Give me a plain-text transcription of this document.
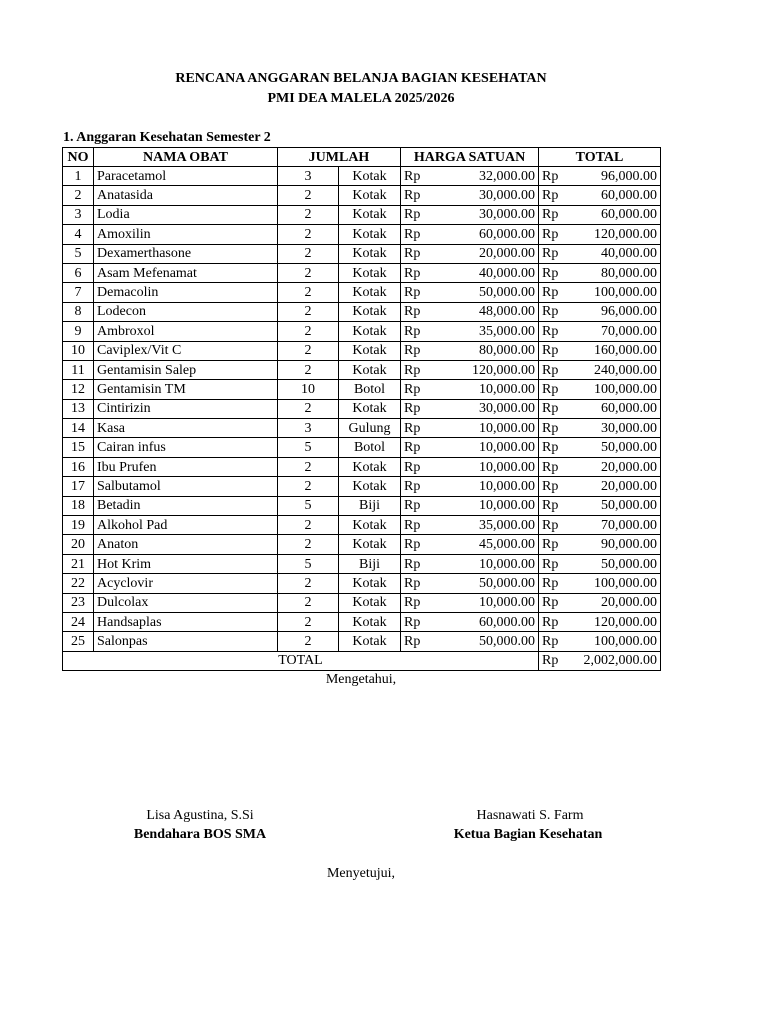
RENCANA ANGGARAN BELANJA BAGIAN KESEHATAN
PMI DEA MALELA 2025/2026
1. Anggaran Kesehatan Semester 2
NO	NAMA OBAT	JUMLAH		HARGA SATUAN		TOTAL	
1	Paracetamol	3	Kotak	Rp	32,000.00	Rp	96,000.00
2	Anatasida	2	Kotak	Rp	30,000.00	Rp	60,000.00
3	Lodia	2	Kotak	Rp	30,000.00	Rp	60,000.00
4	Amoxilin	2	Kotak	Rp	60,000.00	Rp	120,000.00
5	Dexamerthasone	2	Kotak	Rp	20,000.00	Rp	40,000.00
6	Asam Mefenamat	2	Kotak	Rp	40,000.00	Rp	80,000.00
7	Demacolin	2	Kotak	Rp	50,000.00	Rp	100,000.00
8	Lodecon	2	Kotak	Rp	48,000.00	Rp	96,000.00
9	Ambroxol	2	Kotak	Rp	35,000.00	Rp	70,000.00
10	Caviplex/Vit C	2	Kotak	Rp	80,000.00	Rp	160,000.00
11	Gentamisin Salep	2	Kotak	Rp	120,000.00	Rp	240,000.00
12	Gentamisin TM	10	Botol	Rp	10,000.00	Rp	100,000.00
13	Cintirizin	2	Kotak	Rp	30,000.00	Rp	60,000.00
14	Kasa	3	Gulung	Rp	10,000.00	Rp	30,000.00
15	Cairan infus	5	Botol	Rp	10,000.00	Rp	50,000.00
16	Ibu Prufen	2	Kotak	Rp	10,000.00	Rp	20,000.00
17	Salbutamol	2	Kotak	Rp	10,000.00	Rp	20,000.00
18	Betadin	5	Biji	Rp	10,000.00	Rp	50,000.00
19	Alkohol Pad	2	Kotak	Rp	35,000.00	Rp	70,000.00
20	Anaton	2	Kotak	Rp	45,000.00	Rp	90,000.00
21	Hot Krim	5	Biji	Rp	10,000.00	Rp	50,000.00
22	Acyclovir	2	Kotak	Rp	50,000.00	Rp	100,000.00
23	Dulcolax	2	Kotak	Rp	10,000.00	Rp	20,000.00
24	Handsaplas	2	Kotak	Rp	60,000.00	Rp	120,000.00
25	Salonpas	2	Kotak	Rp	50,000.00	Rp	100,000.00
TOTAL						Rp	2,002,000.00
Mengetahui,
Lisa Agustina, S.Si
Bendahara BOS SMA
Hasnawati S. Farm
Ketua Bagian Kesehatan
Menyetujui,
